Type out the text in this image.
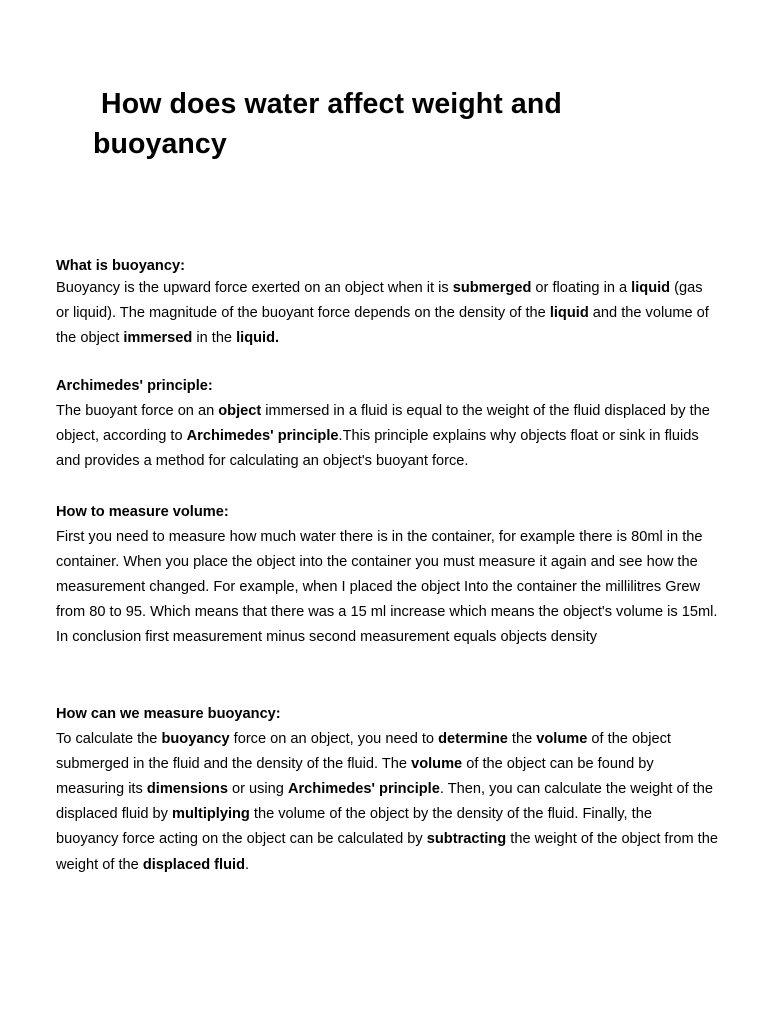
How does water affect weight and buoyancy
What is buoyancy:

Buoyancy is the upward force exerted on an object when it is submerged or floating in a liquid (gas or liquid). The magnitude of the buoyant force depends on the density of the liquid and the volume of the object immersed in the liquid.

Archimedes' principle:

The buoyant force on an object immersed in a fluid is equal to the weight of the fluid displaced by the object, according to Archimedes' principle.This principle explains why objects float or sink in fluids and provides a method for calculating an object's buoyant force.

How to measure volume:

First you need to measure how much water there is in the container, for example there is 80ml in the container. When you place the object into the container you must measure it again and see how the measurement changed. For example, when I placed the object Into the container the millilitres Grew from 80 to 95. Which means that there was a 15 ml increase which means the object's volume is 15ml. In conclusion first measurement minus second measurement equals objects density

How can we measure buoyancy:

To calculate the buoyancy force on an object, you need to determine the volume of the object submerged in the fluid and the density of the fluid. The volume of the object can be found by measuring its dimensions or using Archimedes' principle. Then, you can calculate the weight of the displaced fluid by multiplying the volume of the object by the density of the fluid. Finally, the buoyancy force acting on the object can be calculated by subtracting the weight of the object from the weight of the displaced fluid.
